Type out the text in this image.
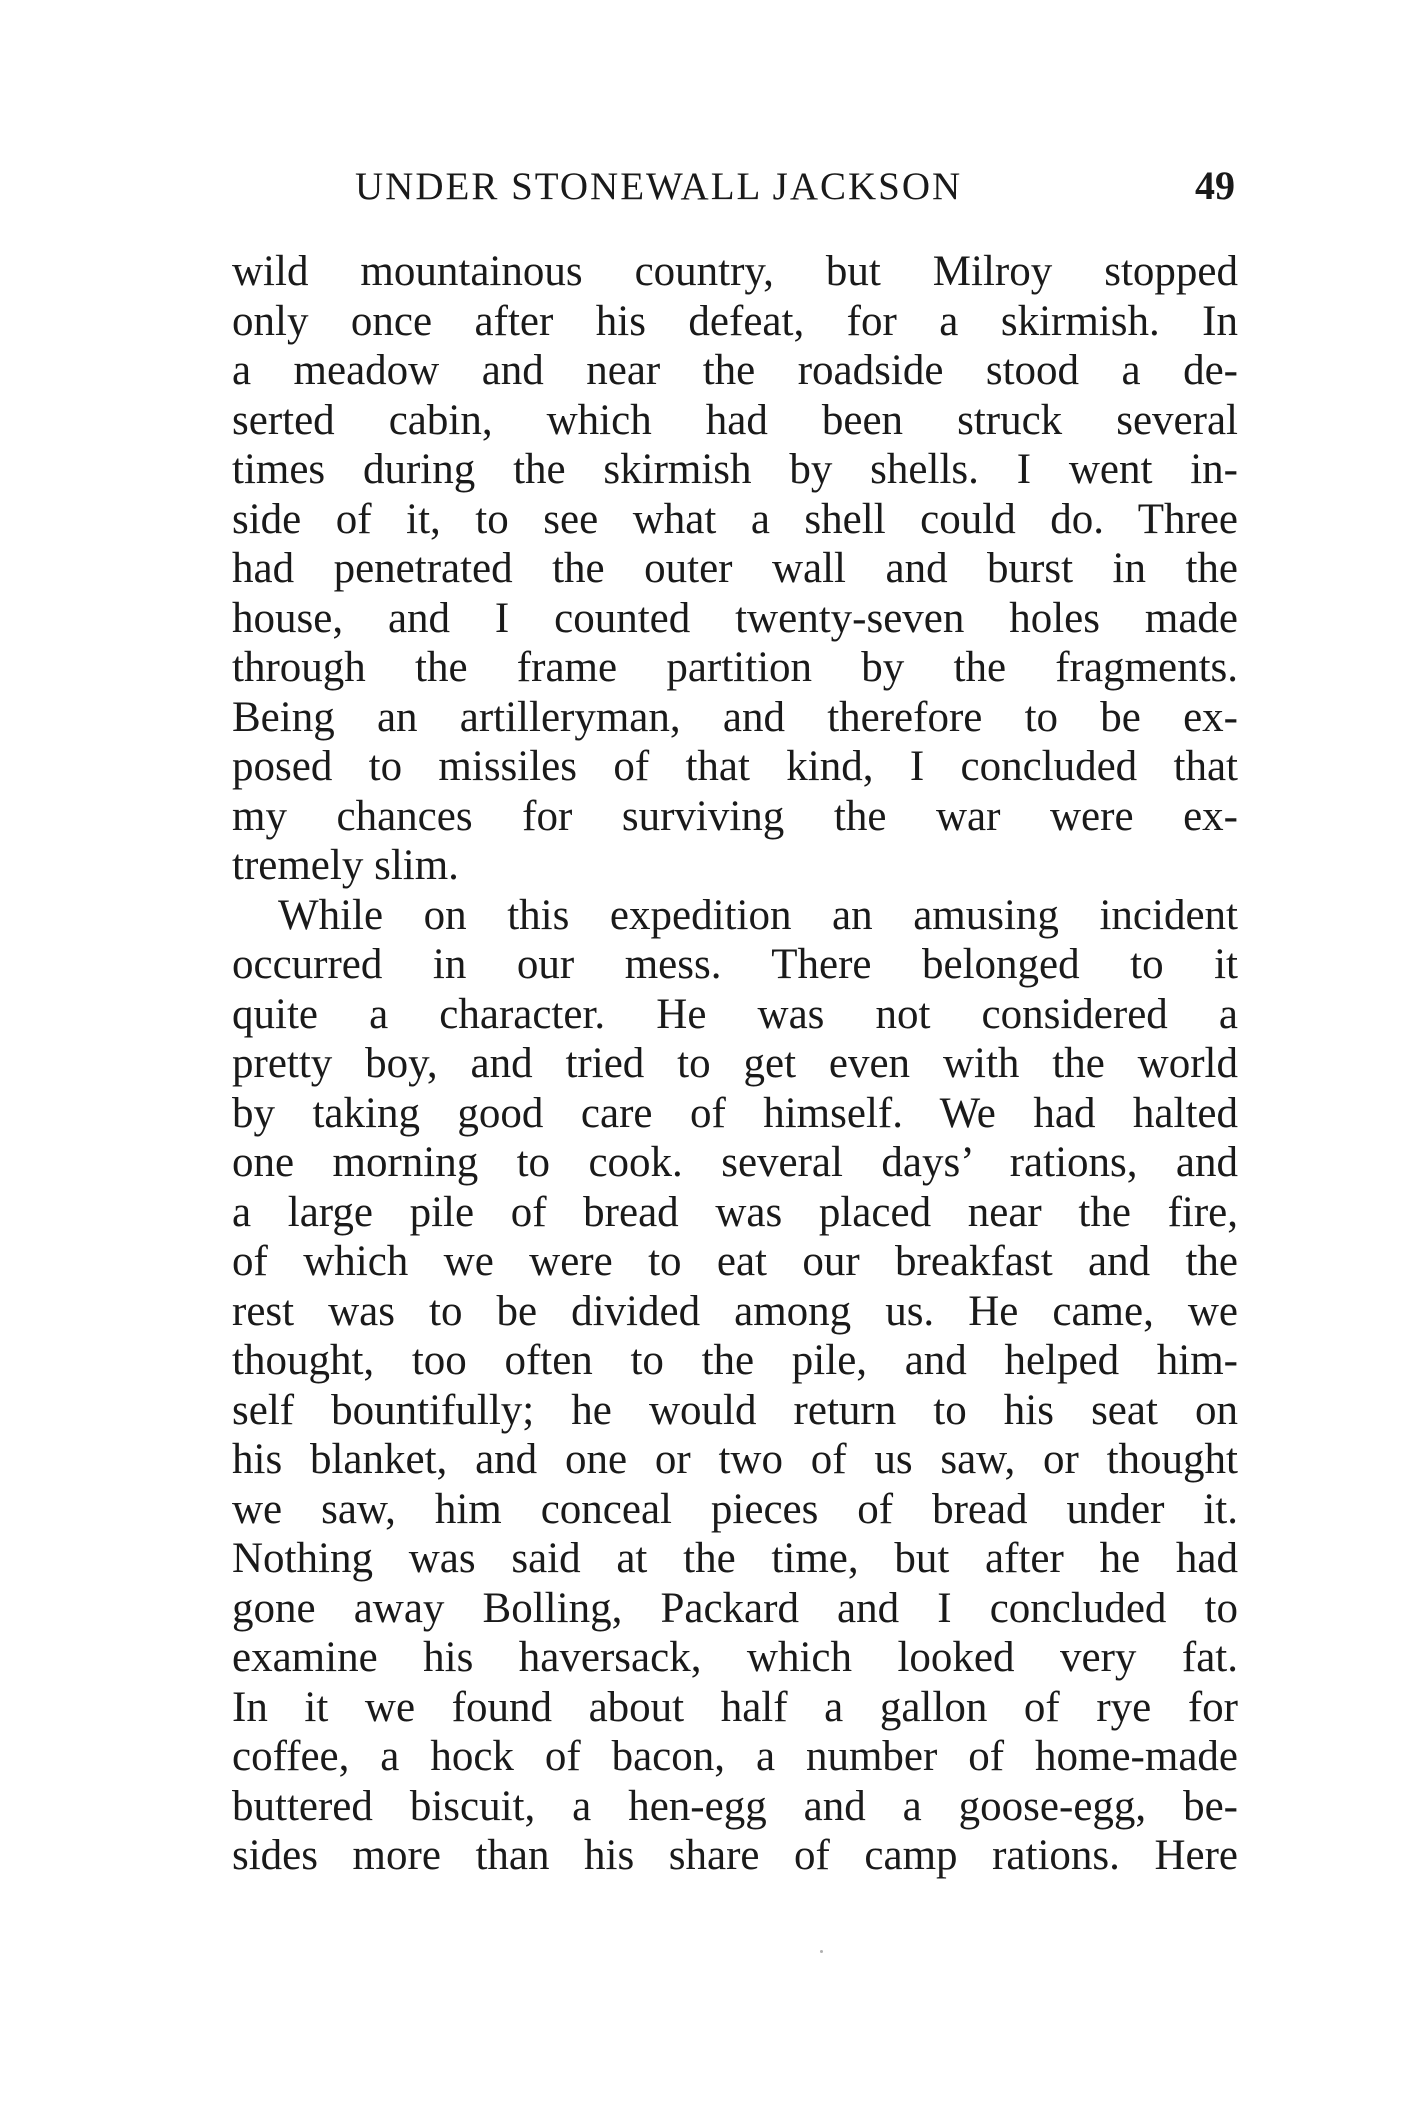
UNDER STONEWALL JACKSON	49
wild mountainous country, but Milroy stopped
only once after his defeat, for a skirmish. In
a meadow and near the roadside stood a de-
serted cabin, which had been struck several
times during the skirmish by shells. I went in-
side of it, to see what a shell could do. Three
had penetrated the outer wall and burst in the
house, and I counted twenty-seven holes made
through the frame partition by the fragments.
Being an artilleryman, and therefore to be ex-
posed to missiles of that kind, I concluded that
my chances for surviving the war were ex-
tremely slim.
While on this expedition an amusing incident
occurred in our mess. There belonged to it
quite a character. He was not considered a
pretty boy, and tried to get even with the world
by taking good care of himself. We had halted
one morning to cook. several days’ rations, and
a large pile of bread was placed near the fire,
of which we were to eat our breakfast and the
rest was to be divided among us. He came, we
thought, too often to the pile, and helped him-
self bountifully; he would return to his seat on
his blanket, and one or two of us saw, or thought
we saw, him conceal pieces of bread under it.
Nothing was said at the time, but after he had
gone away Bolling, Packard and I concluded to
examine his haversack, which looked very fat.
In it we found about half a gallon of rye for
coffee, a hock of bacon, a number of home-made
buttered biscuit, a hen-egg and a goose-egg, be-
sides more than his share of camp rations. Here
